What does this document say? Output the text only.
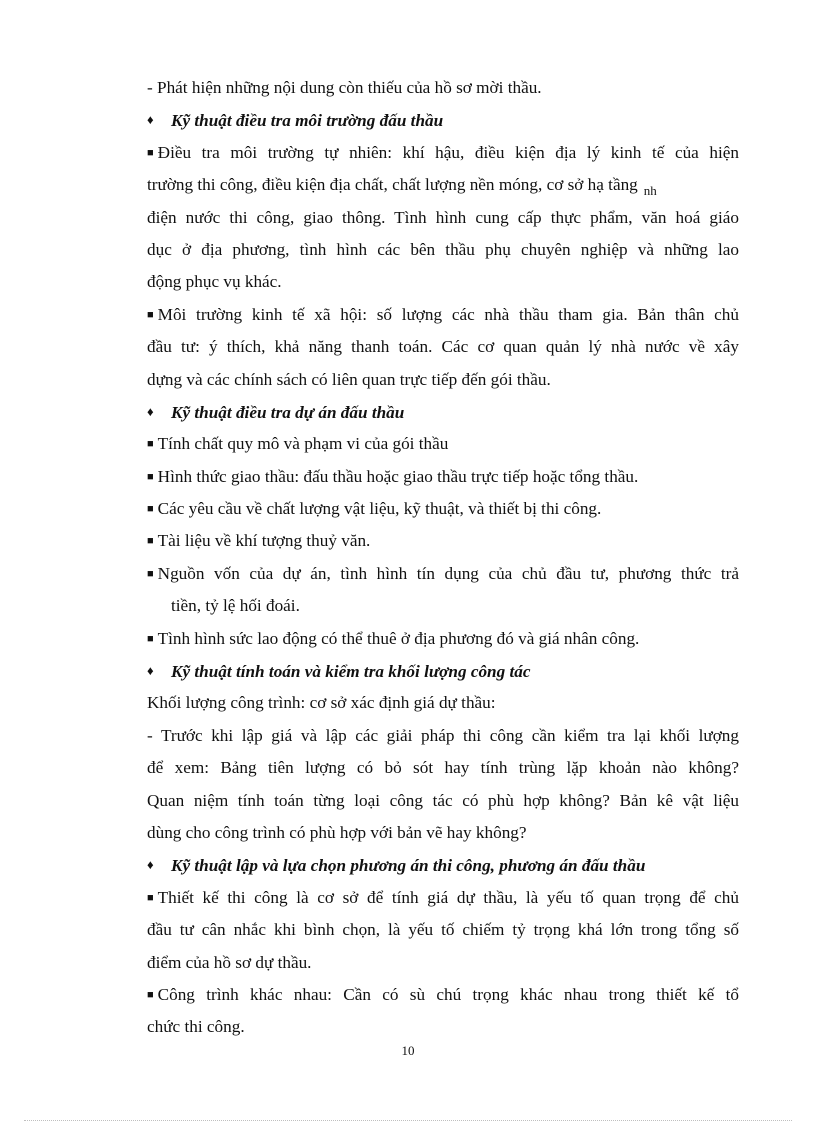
- Phát hiện những nội dung còn thiếu của hồ sơ mời thầu.
♦ Kỹ thuật điều tra môi trường đấu thầu
■ Điều tra môi trường tự nhiên: khí hậu, điều kiện địa lý kinh tế của hiện
trường thi công, điều kiện địa chất, chất lượng nền móng, cơ sở hạ tầng $_{nh}$
điện nước thi công, giao thông. Tình hình cung cấp thực phẩm, văn hoá giáo
dục ở địa phương, tình hình các bên thầu phụ chuyên nghiệp và những lao
động phục vụ khác.
■ Môi trường kinh tế xã hội: số lượng các nhà thầu tham gia. Bản thân chủ
đầu tư: ý thích, khả năng thanh toán. Các cơ quan quản lý nhà nước về xây
dựng và các chính sách có liên quan trực tiếp đến gói thầu.
♦ Kỹ thuật điều tra dự án đấu thầu
■ Tính chất quy mô và phạm vi của gói thầu
■ Hình thức giao thầu: đấu thầu hoặc giao thầu trực tiếp hoặc tổng thầu.
■ Các yêu cầu về chất lượng vật liệu, kỹ thuật, và thiết bị thi công.
■ Tài liệu về khí tượng thuỷ văn.
■ Nguồn vốn của dự án, tình hình tín dụng của chủ đầu tư, phương thức trả
tiền, tỷ lệ hối đoái.
■ Tình hình sức lao động có thể thuê ở địa phương đó và giá nhân công.
♦ Kỹ thuật tính toán và kiểm tra khối lượng công tác
Khối lượng công trình: cơ sở xác định giá dự thầu:
- Trước khi lập giá và lập các giải pháp thi công cần kiểm tra lại khối lượng
để xem: Bảng tiên lượng có bỏ sót hay tính trùng lặp khoản nào không?
Quan niệm tính toán từng loại công tác có phù hợp không? Bản kê vật liệu
dùng cho công trình có phù hợp với bản vẽ hay không?
♦ Kỹ thuật lập và lựa chọn phương án thi công, phương án đấu thầu
■ Thiết kế thi công là cơ sở để tính giá dự thầu, là yếu tố quan trọng để chủ
đầu tư cân nhắc khi bình chọn, là yếu tố chiếm tỷ trọng khá lớn trong tổng số
điểm của hồ sơ dự thầu.
■ Công trình khác nhau: Cần có sù chú trọng khác nhau trong thiết kế tổ
chức thi công.
10
